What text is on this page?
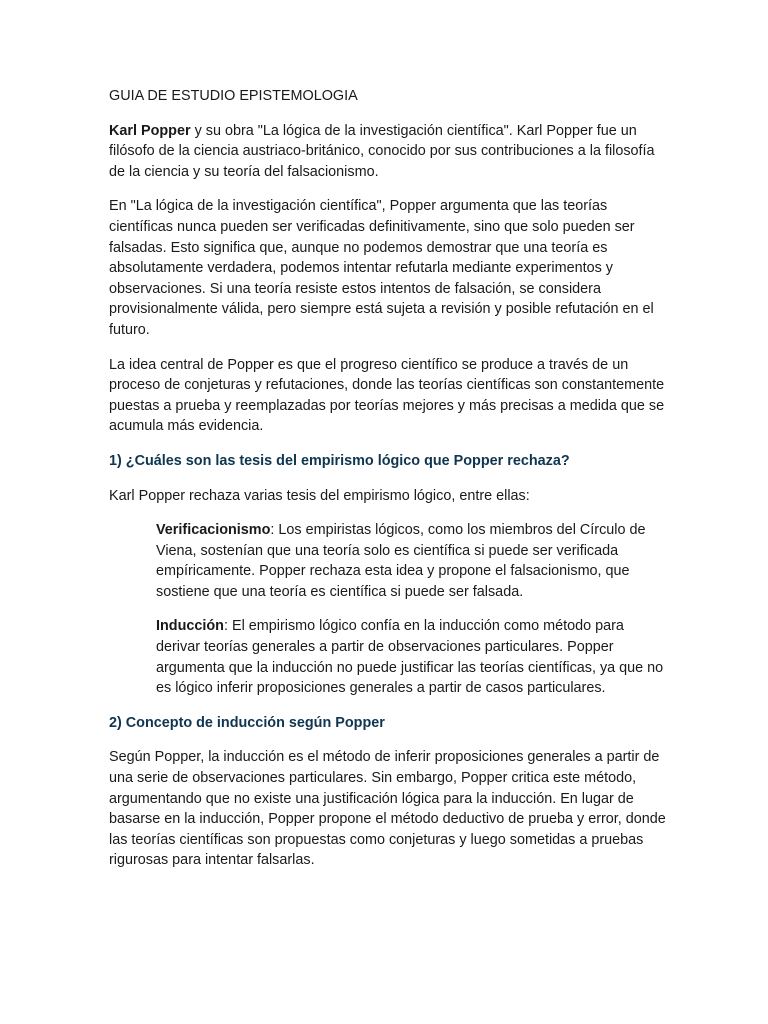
GUIA DE ESTUDIO EPISTEMOLOGIA

Karl Popper y su obra "La lógica de la investigación científica". Karl Popper fue un filósofo de la ciencia austriaco-británico, conocido por sus contribuciones a la filosofía de la ciencia y su teoría del falsacionismo.

En "La lógica de la investigación científica", Popper argumenta que las teorías científicas nunca pueden ser verificadas definitivamente, sino que solo pueden ser falsadas. Esto significa que, aunque no podemos demostrar que una teoría es absolutamente verdadera, podemos intentar refutarla mediante experimentos y observaciones. Si una teoría resiste estos intentos de falsación, se considera provisionalmente válida, pero siempre está sujeta a revisión y posible refutación en el futuro.

La idea central de Popper es que el progreso científico se produce a través de un proceso de conjeturas y refutaciones, donde las teorías científicas son constantemente puestas a prueba y reemplazadas por teorías mejores y más precisas a medida que se acumula más evidencia.

1) ¿Cuáles son las tesis del empirismo lógico que Popper rechaza?

Karl Popper rechaza varias tesis del empirismo lógico, entre ellas:

Verificacionismo: Los empiristas lógicos, como los miembros del Círculo de Viena, sostenían que una teoría solo es científica si puede ser verificada empíricamente. Popper rechaza esta idea y propone el falsacionismo, que sostiene que una teoría es científica si puede ser falsada.

Inducción: El empirismo lógico confía en la inducción como método para derivar teorías generales a partir de observaciones particulares. Popper argumenta que la inducción no puede justificar las teorías científicas, ya que no es lógico inferir proposiciones generales a partir de casos particulares.

2) Concepto de inducción según Popper

Según Popper, la inducción es el método de inferir proposiciones generales a partir de una serie de observaciones particulares. Sin embargo, Popper critica este método, argumentando que no existe una justificación lógica para la inducción. En lugar de basarse en la inducción, Popper propone el método deductivo de prueba y error, donde las teorías científicas son propuestas como conjeturas y luego sometidas a pruebas rigurosas para intentar falsarlas.
